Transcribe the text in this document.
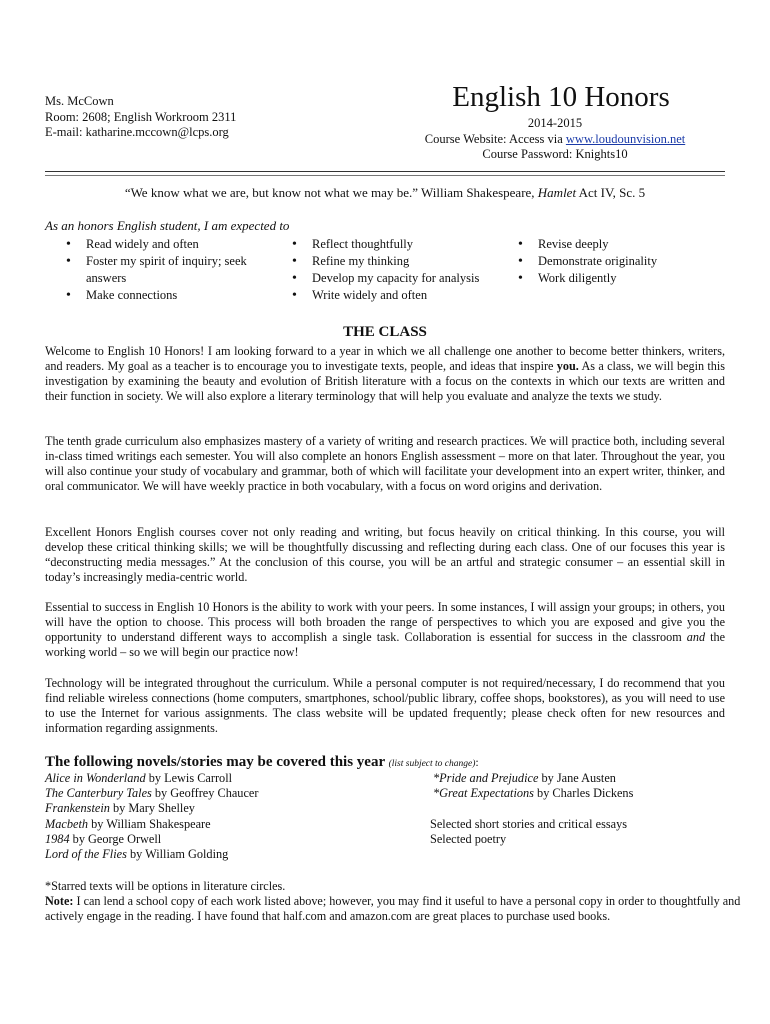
Ms. McCown
Room: 2608; English Workroom 2311
E-mail: katharine.mccown@lcps.org
English 10 Honors
2014-2015
Course Website: Access via www.loudounvision.net
Course Password: Knights10
“We know what we are, but know not what we may be.” William Shakespeare, Hamlet Act IV, Sc. 5
As an honors English student, I am expected to
• Read widely and often
• Foster my spirit of inquiry; seek answers
• Make connections
• Reflect thoughtfully
• Refine my thinking
• Develop my capacity for analysis
• Write widely and often
• Revise deeply
• Demonstrate originality
• Work diligently
THE CLASS

Welcome to English 10 Honors! I am looking forward to a year in which we all challenge one another to become better thinkers, writers, and readers. My goal as a teacher is to encourage you to investigate texts, people, and ideas that inspire you. As a class, we will begin this investigation by examining the beauty and evolution of British literature with a focus on the contexts in which our texts are written and their function in society. We will also explore a literary terminology that will help you evaluate and analyze the texts we study.

The tenth grade curriculum also emphasizes mastery of a variety of writing and research practices. We will practice both, including several in-class timed writings each semester. You will also complete an honors English assessment – more on that later. Throughout the year, you will also continue your study of vocabulary and grammar, both of which will facilitate your development into an expert writer, thinker, and oral communicator. We will have weekly practice in both vocabulary, with a focus on word origins and derivation.

Excellent Honors English courses cover not only reading and writing, but focus heavily on critical thinking. In this course, you will develop these critical thinking skills; we will be thoughtfully discussing and reflecting during each class. One of our focuses this year is “deconstructing media messages.” At the conclusion of this course, you will be an artful and strategic consumer – an essential skill in today’s increasingly media-centric world.

Essential to success in English 10 Honors is the ability to work with your peers. In some instances, I will assign your groups; in others, you will have the option to choose. This process will both broaden the range of perspectives to which you are exposed and give you the opportunity to understand different ways to accomplish a single task. Collaboration is essential for success in the classroom and the working world – so we will begin our practice now!

Technology will be integrated throughout the curriculum. While a personal computer is not required/necessary, I do recommend that you find reliable wireless connections (home computers, smartphones, school/public library, coffee shops, bookstores), as you will need to use to use the Internet for various assignments. The class website will be updated frequently; please check often for new resources and information regarding assignments.

The following novels/stories may be covered this year (list subject to change):
Alice in Wonderland by Lewis Carroll
The Canterbury Tales by Geoffrey Chaucer
Frankenstein by Mary Shelley
Macbeth by William Shakespeare
1984 by George Orwell
Lord of the Flies by William Golding
*Pride and Prejudice by Jane Austen
*Great Expectations by Charles Dickens
Selected short stories and critical essays
Selected poetry
*Starred texts will be options in literature circles.
Note: I can lend a school copy of each work listed above; however, you may find it useful to have a personal copy in order to thoughtfully and actively engage in the reading. I have found that half.com and amazon.com are great places to purchase used books.
